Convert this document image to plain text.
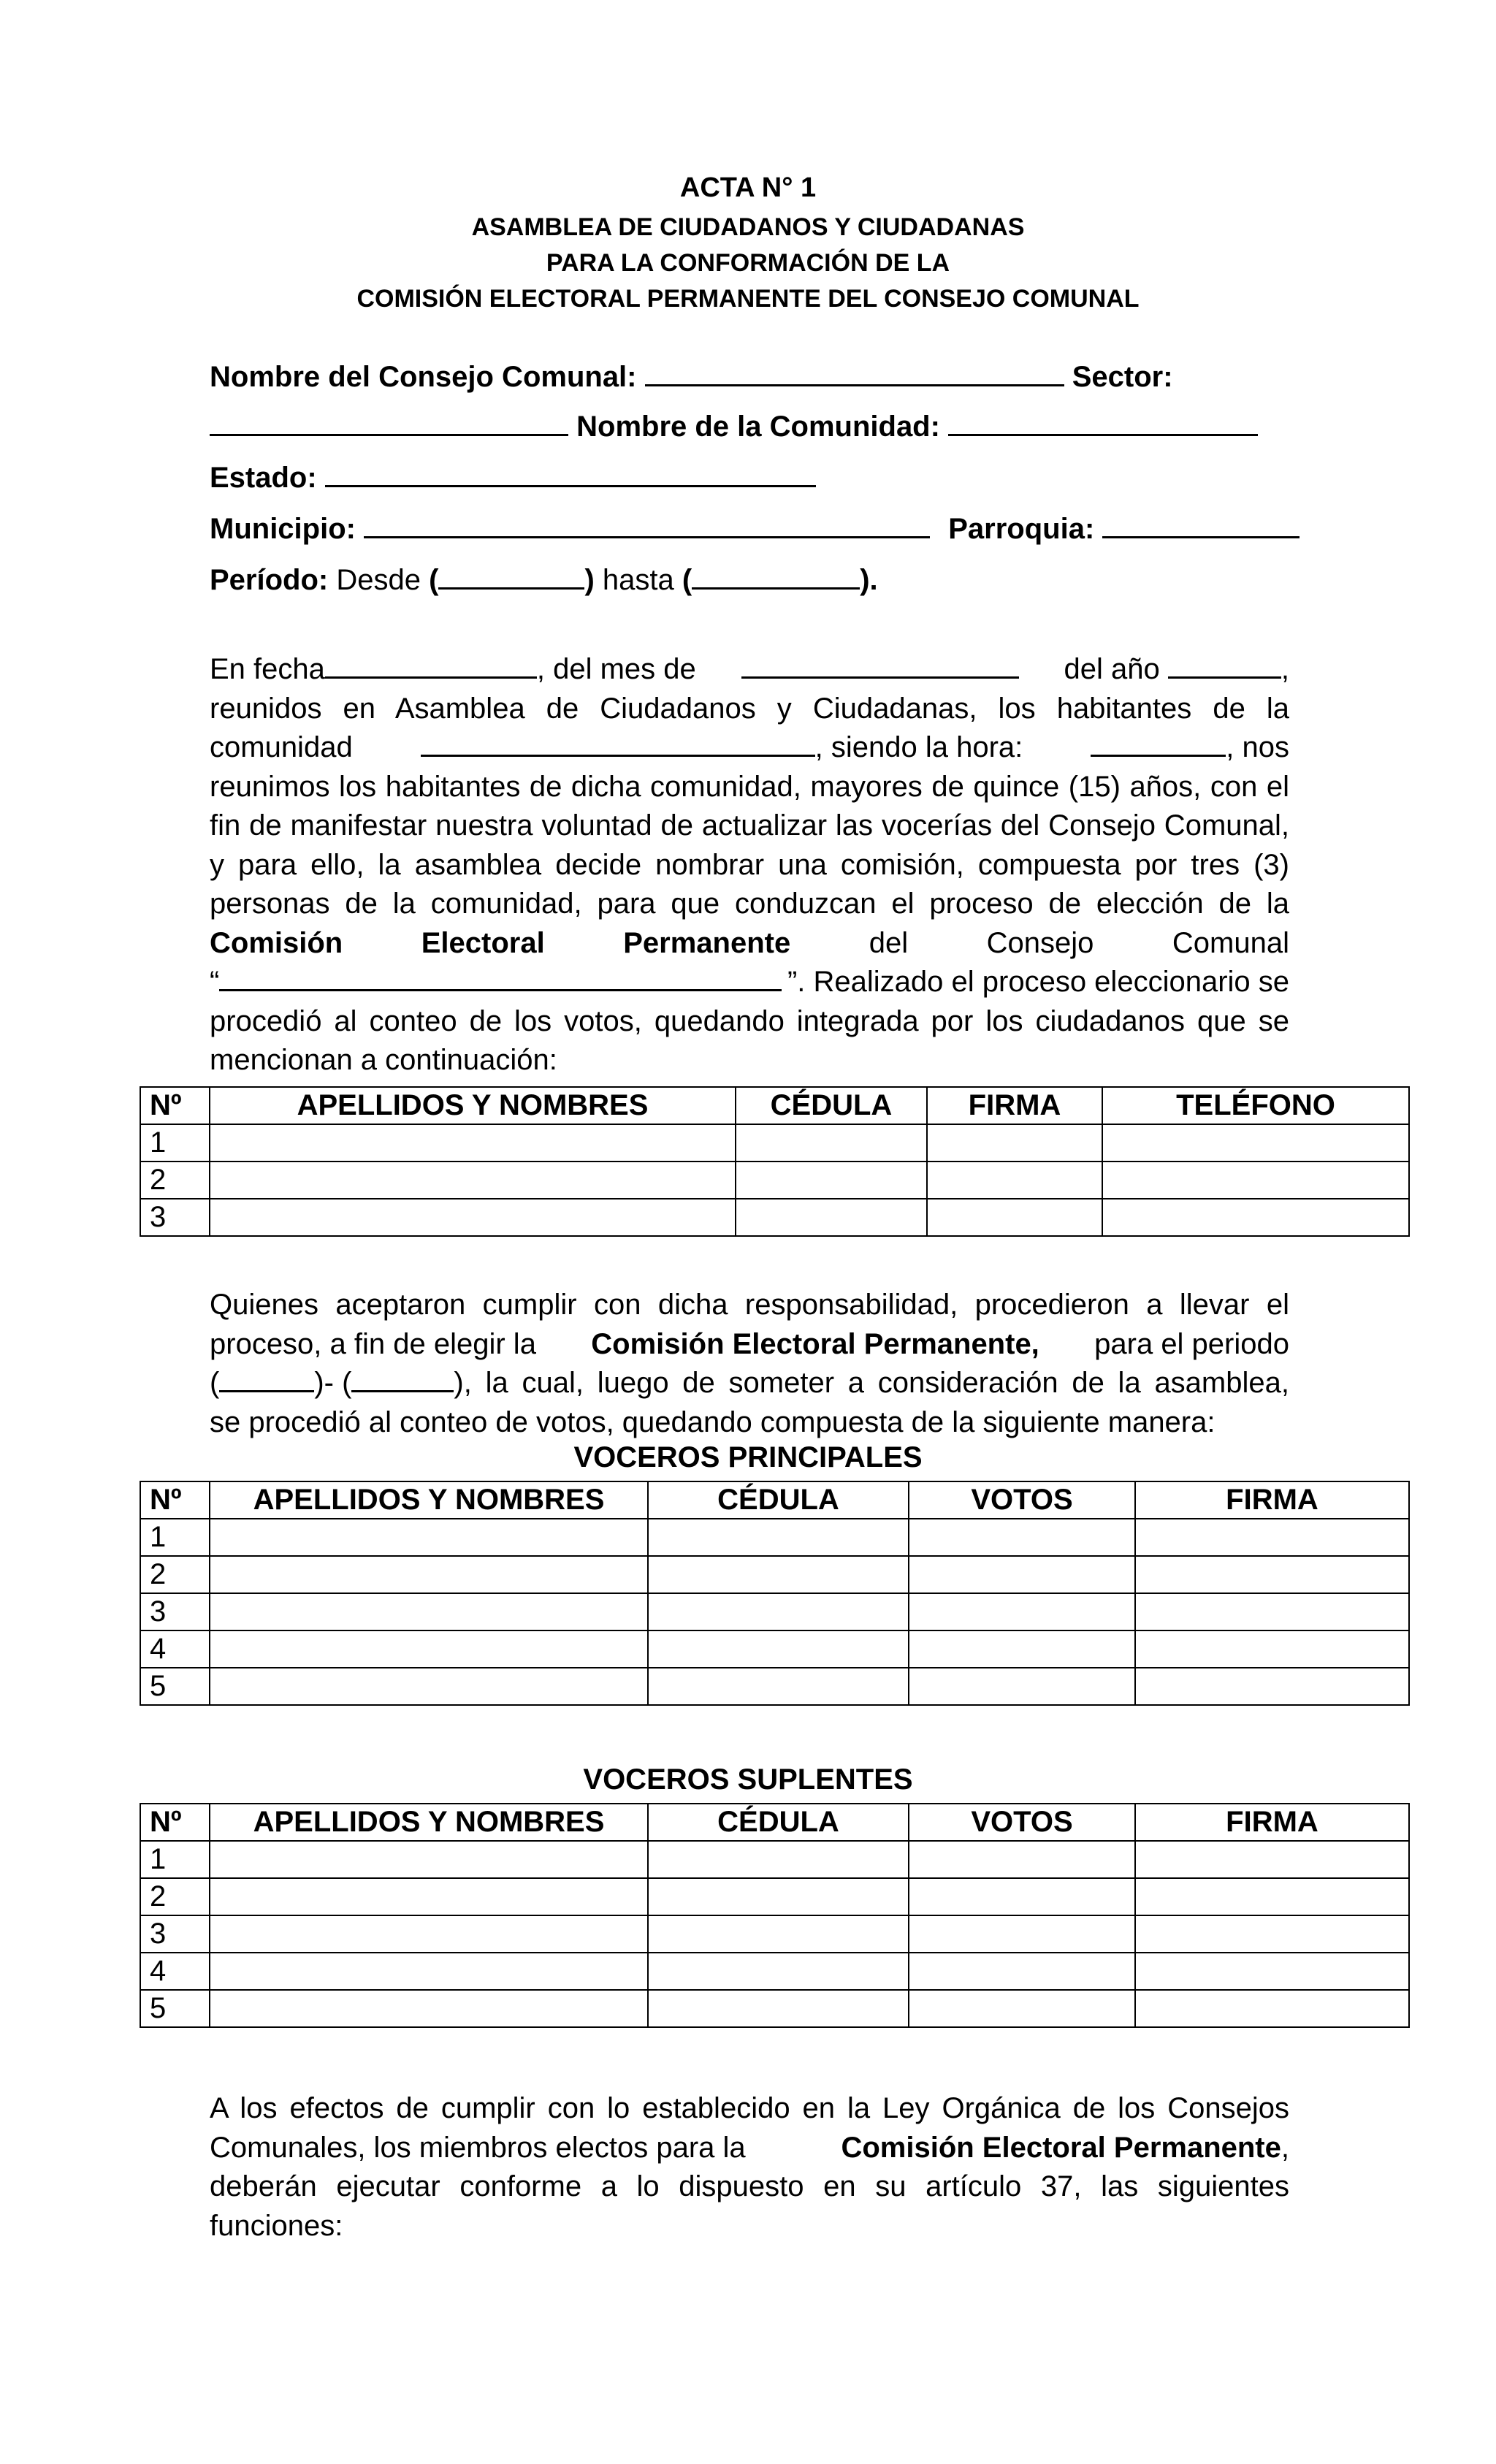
ACTA N° 1
ASAMBLEA DE CIUDADANOS Y CIUDADANAS
PARA LA CONFORMACIÓN DE LA
COMISIÓN ELECTORAL PERMANENTE DEL CONSEJO COMUNAL
Nombre del Consejo Comunal:	Sector:
Nombre de la Comunidad:
Estado:
Municipio:	Parroquia:
Período: Desde (	) hasta (	).
En fecha	, del mes de	del año	,
reunidos en Asamblea de Ciudadanos y Ciudadanas, los habitantes de la
comunidad	, siendo la hora:	, nos
reunimos los habitantes de dicha comunidad, mayores de quince (15) años, con el
fin de manifestar nuestra voluntad de actualizar las vocerías del Consejo Comunal,
y para ello, la asamblea decide nombrar una comisión, compuesta por tres (3)
personas de la comunidad, para que conduzcan el proceso de elección de la
Comisión	Electoral	Permanente	del	Consejo	Comunal
“	”. Realizado el proceso eleccionario se
procedió al conteo de los votos, quedando integrada por los ciudadanos que se
mencionan a continuación:
Nº	APELLIDOS Y NOMBRES	CÉDULA	FIRMA	TELÉFONO
1				
2				
3				
Quienes aceptaron cumplir con dicha responsabilidad, procedieron a llevar el
proceso, a fin de elegir la Comisión Electoral Permanente, para el periodo
(	)- (	), la cual, luego de someter a consideración de la asamblea,
se procedió al conteo de votos, quedando compuesta de la siguiente manera:
VOCEROS PRINCIPALES
Nº	APELLIDOS Y NOMBRES	CÉDULA	VOTOS	FIRMA
1				
2				
3				
4				
5				
VOCEROS SUPLENTES
Nº	APELLIDOS Y NOMBRES	CÉDULA	VOTOS	FIRMA
1				
2				
3				
4				
5				
A los efectos de cumplir con lo establecido en la Ley Orgánica de los Consejos
Comunales, los miembros electos para la	Comisión Electoral Permanente,
deberán ejecutar conforme a lo dispuesto en su artículo 37, las siguientes
funciones:
